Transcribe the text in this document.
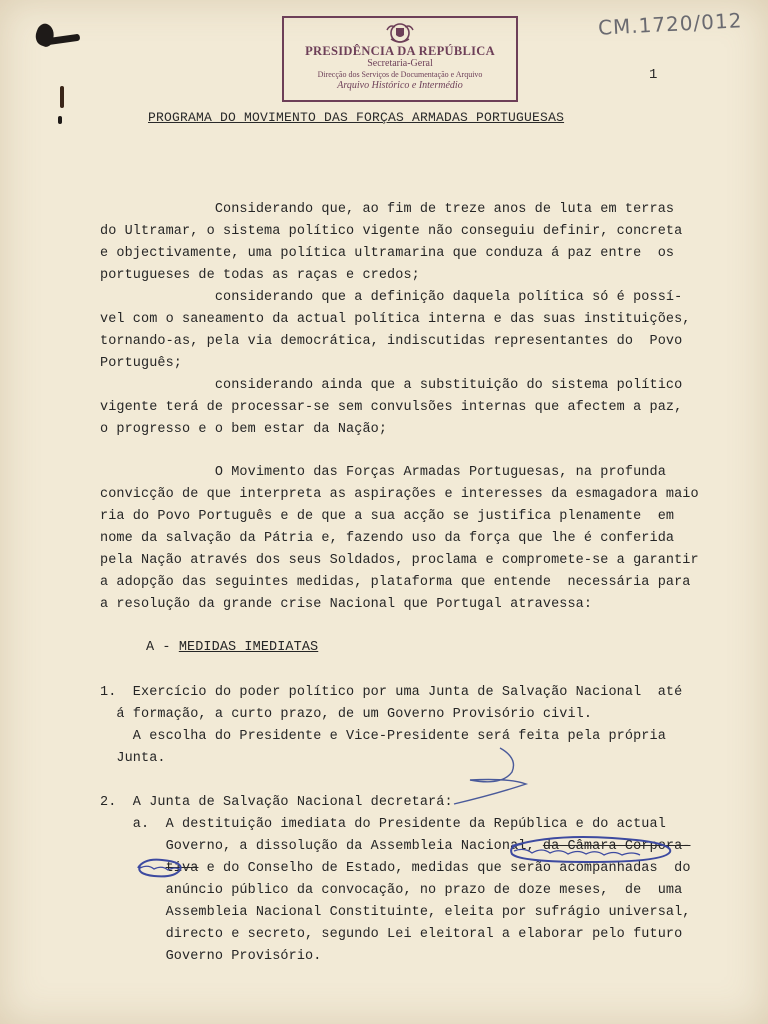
PRESIDÊNCIA DA REPÚBLICA
Secretaria-Geral
Direcção dos Serviços de Documentação e Arquivo
Arquivo Histórico e Intermédio
CM.1720/012
1
PROGRAMA DO MOVIMENTO DAS FORÇAS ARMADAS PORTUGUESAS
Considerando que, ao fim de treze anos de luta em terras
do Ultramar, o sistema político vigente não conseguiu definir, concreta
e objectivamente, uma política ultramarina que conduza á paz entre  os
portugueses de todas as raças e credos;
considerando que a definição daquela política só é possí-
vel com o saneamento da actual política interna e das suas instituições,
tornando-as, pela via democrática, indiscutidas representantes do  Povo
Português;
considerando ainda que a substituição do sistema político
vigente terá de processar-se sem convulsões internas que afectem a paz,
o progresso e o bem estar da Nação;
O Movimento das Forças Armadas Portuguesas, na profunda
convicção de que interpreta as aspirações e interesses da esmagadora maio
ria do Povo Português e de que a sua acção se justifica plenamente  em
nome da salvação da Pátria e, fazendo uso da força que lhe é conferida
pela Nação através dos seus Soldados, proclama e compromete-se a garantir
a adopção das seguintes medidas, plataforma que entende  necessária para
a resolução da grande crise Nacional que Portugal atravessa:
A - MEDIDAS IMEDIATAS
1.  Exercício do poder político por uma Junta de Salvação Nacional  até
á formação, a curto prazo, de um Governo Provisório civil.
A escolha do Presidente e Vice-Presidente será feita pela própria
Junta.
2.  A Junta de Salvação Nacional decretará:
a.  A destituição imediata do Presidente da República e do actual
Governo, a dissolução da Assembleia Nacional, da Câmara Corpora-
tiva e do Conselho de Estado, medidas que serão acompanhadas  do
anúncio público da convocação, no prazo de doze meses,  de  uma
Assembleia Nacional Constituinte, eleita por sufrágio universal,
directo e secreto, segundo Lei eleitoral a elaborar pelo futuro
Governo Provisório.
